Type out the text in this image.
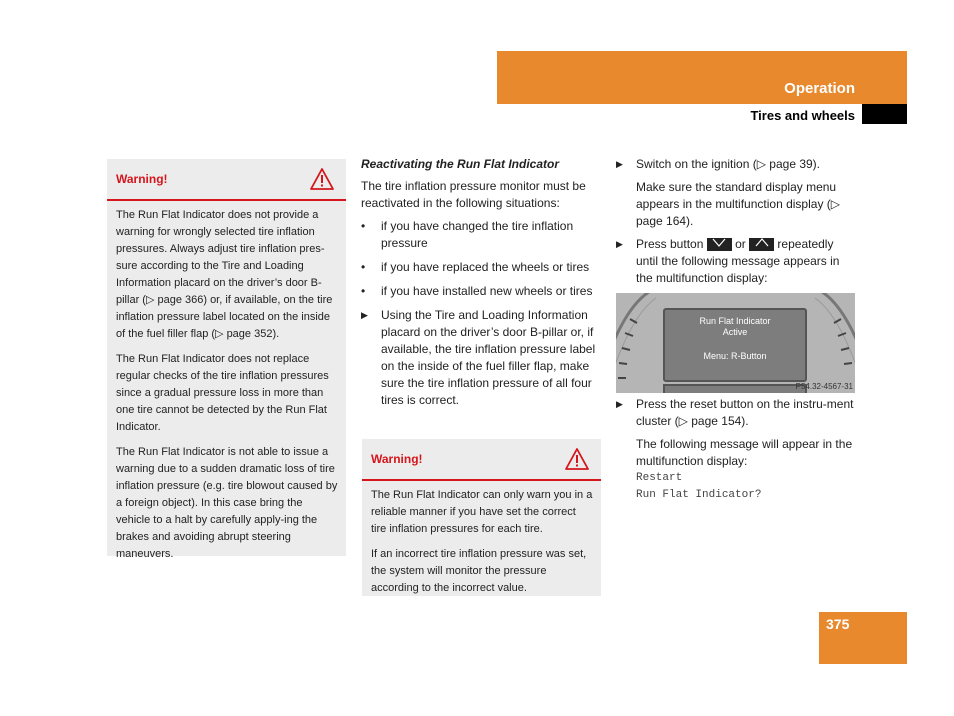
Operation
Tires and wheels
Warning!

The Run Flat Indicator does not provide a warning for wrongly selected tire inflation pressures. Always adjust tire inflation pres-sure according to the Tire and Loading Information placard on the driver’s door B-pillar (▷ page 366) or, if available, on the tire inflation pressure label located on the inside of the fuel filler flap (▷ page 352).

The Run Flat Indicator does not replace regular checks of the tire inflation pressures since a gradual pressure loss in more than one tire cannot be detected by the Run Flat Indicator.

The Run Flat Indicator is not able to issue a warning due to a sudden dramatic loss of tire inflation pressure (e.g. tire blowout caused by a foreign object). In this case bring the vehicle to a halt by carefully apply-ing the brakes and avoiding abrupt steering maneuvers.

Reactivating the Run Flat Indicator
The tire inflation pressure monitor must be reactivated in the following situations:
•	if you have changed the tire inflation pressure
•	if you have replaced the wheels or tires
•	if you have installed new wheels or tires
▶	Using the Tire and Loading Information placard on the driver’s door B-pillar or, if available, the tire inflation pressure label on the inside of the fuel filler flap, make sure the tire inflation pressure of all four tires is correct.
Warning!

The Run Flat Indicator can only warn you in a reliable manner if you have set the correct tire inflation pressures for each tire.

If an incorrect tire inflation pressure was set, the system will monitor the pressure according to the incorrect value.

▶	Switch on the ignition (▷ page 39).
Make sure the standard display menu appears in the multifunction display (▷ page 164).
▶	Press button	or	repeatedly until the following message appears in the multifunction display:
Run Flat Indicator
Active
Menu: R-Button
P54.32-4567-31
▶	Press the reset button on the instru-ment cluster (▷ page 154).
The following message will appear in the multifunction display:
Restart
Run Flat Indicator?
375
